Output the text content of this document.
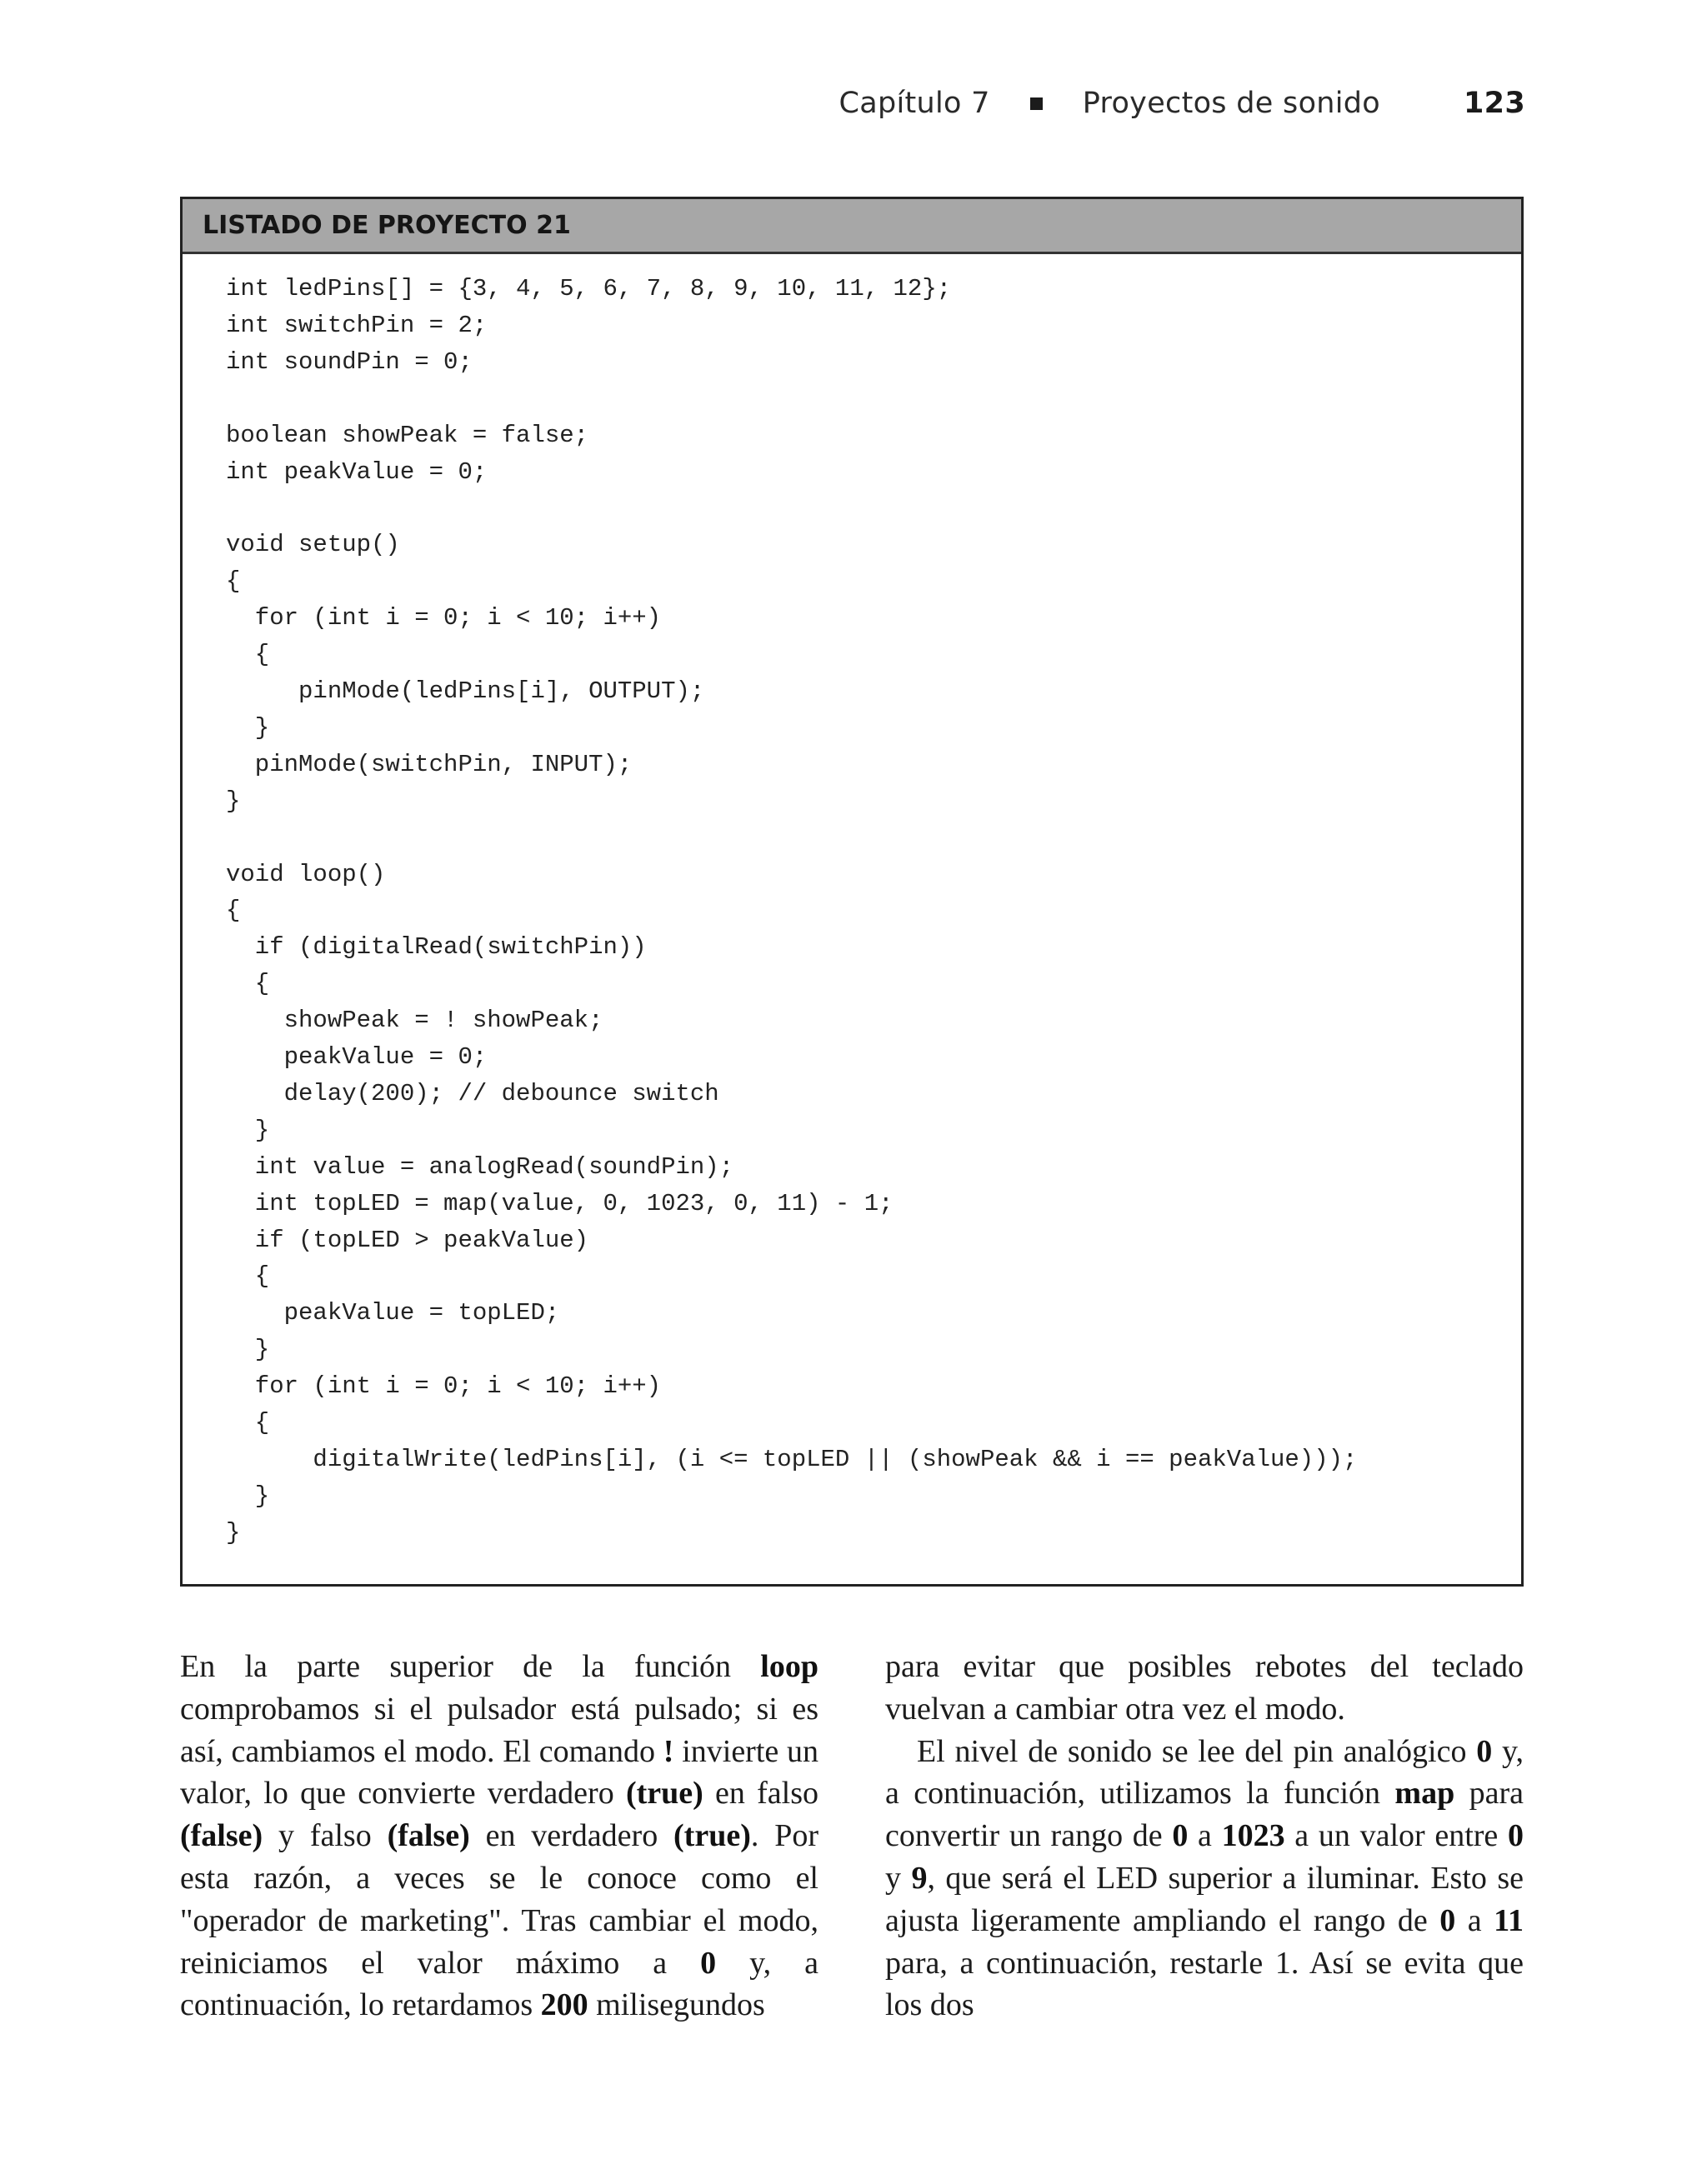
Capítulo 7	Proyectos de sonido	123
LISTADO DE PROYECTO 21
int ledPins[] = {3, 4, 5, 6, 7, 8, 9, 10, 11, 12};
int switchPin = 2;
int soundPin = 0;

boolean showPeak = false;
int peakValue = 0;

void setup()
{
for (int i = 0; i < 10; i++)
{
pinMode(ledPins[i], OUTPUT);
}
pinMode(switchPin, INPUT);
}

void loop()
{
if (digitalRead(switchPin))
{
showPeak = ! showPeak;
peakValue = 0;
delay(200); // debounce switch
}
int value = analogRead(soundPin);
int topLED = map(value, 0, 1023, 0, 11) - 1;
if (topLED > peakValue)
{
peakValue = topLED;
}
for (int i = 0; i < 10; i++)
{
digitalWrite(ledPins[i], (i <= topLED || (showPeak && i == peakValue)));
}
}

En la parte superior de la función loop comprobamos si el pulsador está pulsado; si es así, cambiamos el modo. El comando ! invierte un valor, lo que convierte verdadero (true) en falso (false) y falso (false) en verdadero (true). Por esta razón, a veces se le conoce como el "operador de marketing". Tras cambiar el modo, reiniciamos el valor máximo a 0 y, a continuación, lo retardamos 200 milisegundos

para evitar que posibles rebotes del teclado vuelvan a cambiar otra vez el modo.

El nivel de sonido se lee del pin analógico 0 y, a continuación, utilizamos la función map para convertir un rango de 0 a 1023 a un valor entre 0 y 9, que será el LED superior a iluminar. Esto se ajusta ligeramente ampliando el rango de 0 a 11 para, a continuación, restarle 1. Así se evita que los dos
